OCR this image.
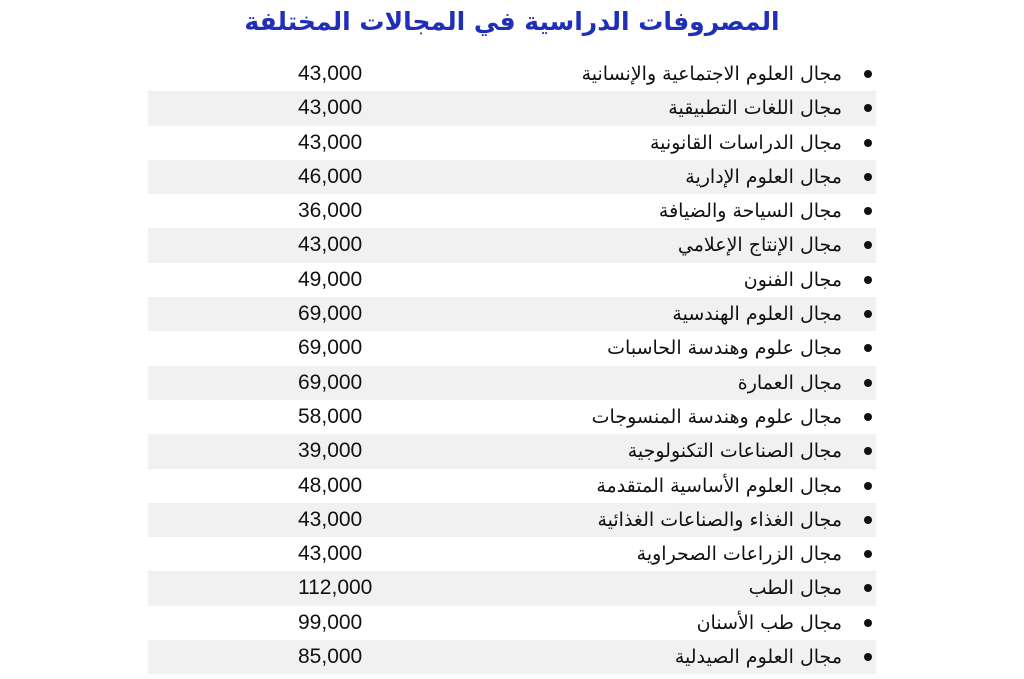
المصروفات الدراسية في المجالات المختلفة
مجال العلوم الاجتماعية والإنسانية
43,000
مجال اللغات التطبيقية
43,000
مجال الدراسات القانونية
43,000
مجال العلوم الإدارية
46,000
مجال السياحة والضيافة
36,000
مجال الإنتاج الإعلامي
43,000
مجال الفنون
49,000
مجال العلوم الهندسية
69,000
مجال علوم وهندسة الحاسبات
69,000
مجال العمارة
69,000
مجال علوم وهندسة المنسوجات
58,000
مجال الصناعات التكنولوجية
39,000
مجال العلوم الأساسية المتقدمة
48,000
مجال الغذاء والصناعات الغذائية
43,000
مجال الزراعات الصحراوية
43,000
مجال الطب
112,000
مجال طب الأسنان
99,000
مجال العلوم الصيدلية
85,000
